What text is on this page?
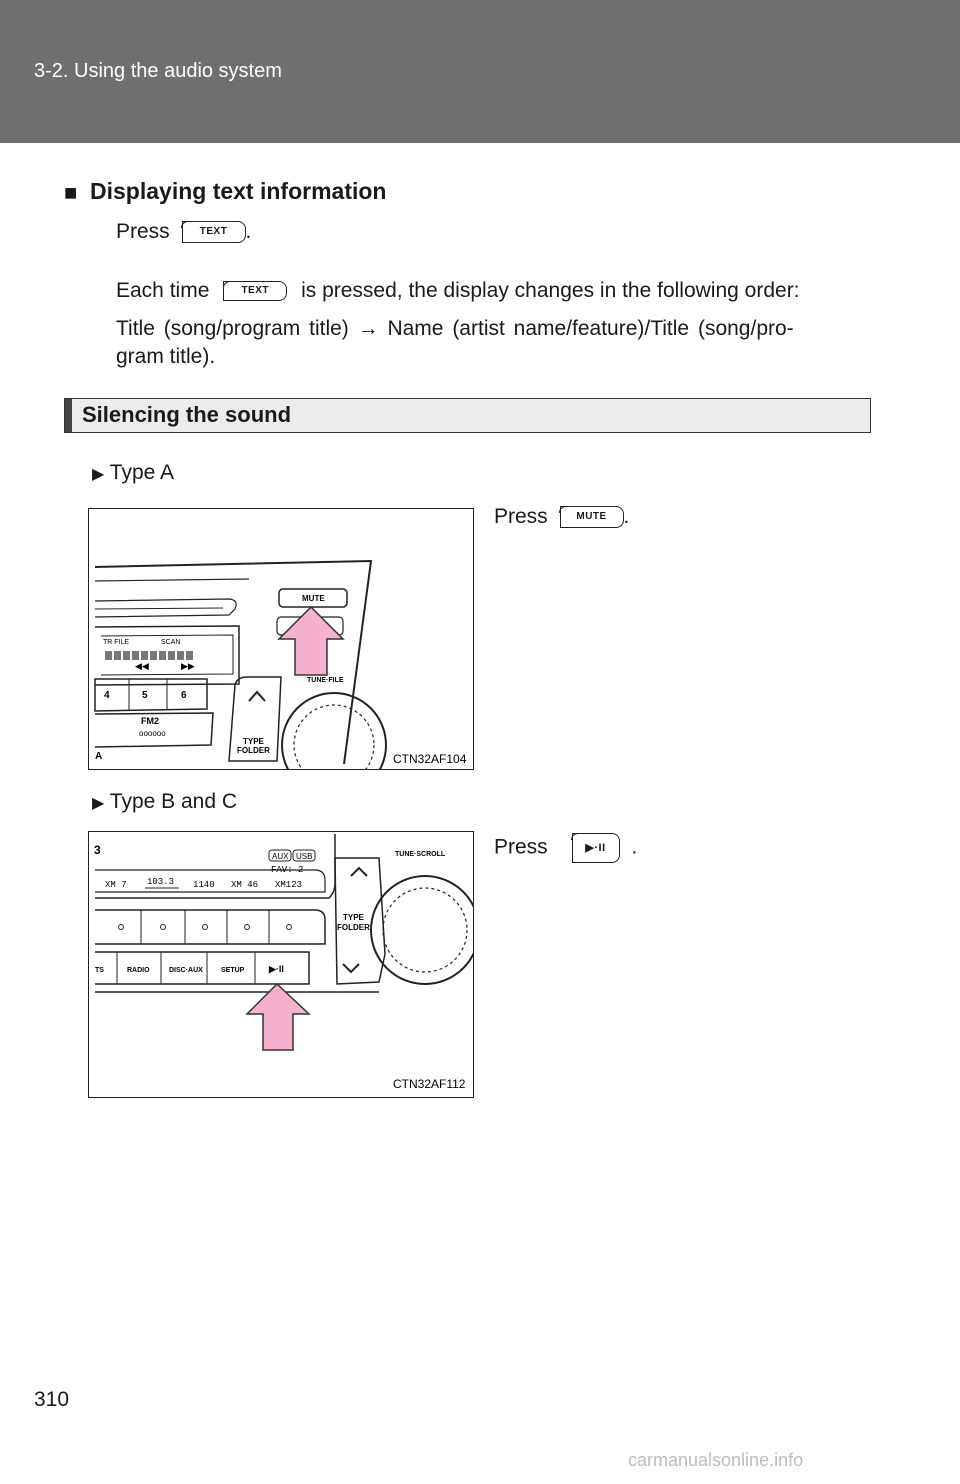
3-2. Using the audio system
■ Displaying text information
Press	TEXT .
Each time	TEXT is pressed, the display changes in the following order:
Title (song/program title) → Name (artist name/feature)/Title (song/pro-
gram title).
Silencing the sound
▶ Type A
Press	MUTE .
TR FILE	SCAN
◀◀	▶▶
4	5	6
FM2
oooooo
A
TYPE
FOLDER
MUTE
TUNE·FILE
CTN32AF104
▶ Type B and C
Press	▶·II .
3	AUX USB
FAV: 2
XM 7 103.3 1140 XM 46 XM123
TS	RADIO	DISC·AUX	SETUP	▶·II
TYPE
FOLDER
TUNE·SCROLL
CTN32AF112
310
carmanualsonline.info
